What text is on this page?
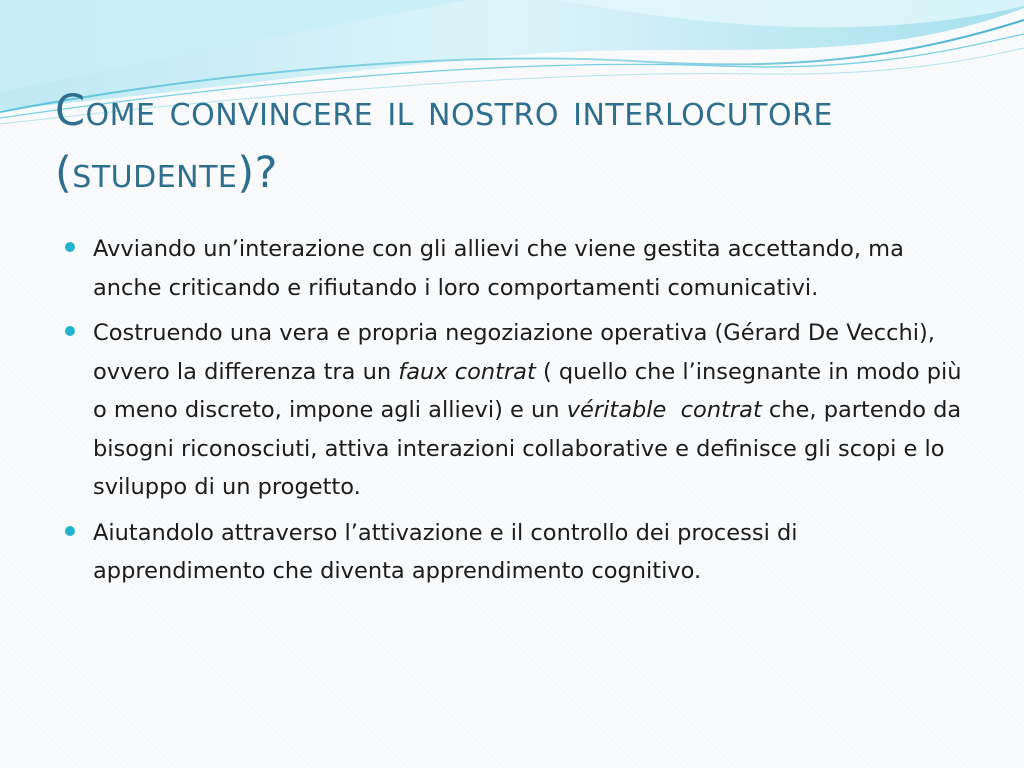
Come convincere il nostro interlocutore (studente)?
Avviando un’interazione con gli allievi che viene gestita accettando, ma anche criticando e rifiutando i loro comportamenti comunicativi.
Costruendo una vera e propria negoziazione operativa (Gérard De Vecchi), ovvero la differenza tra un faux contrat ( quello che l’insegnante in modo più o meno discreto, impone agli allievi) e un véritable  contrat che, partendo da bisogni riconosciuti, attiva interazioni collaborative e definisce gli scopi e lo sviluppo di un progetto.
Aiutandolo attraverso l’attivazione e il controllo dei processi di apprendimento che diventa apprendimento cognitivo.
